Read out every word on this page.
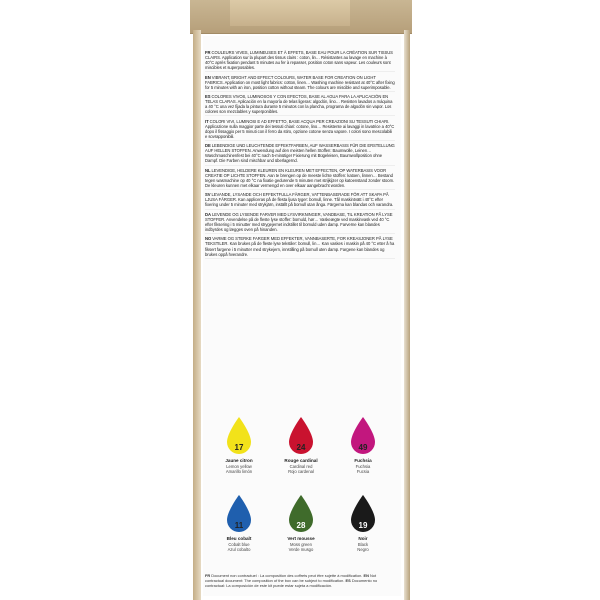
FRCOULEURS VIVES, LUMINEUSES ET À EFFETS, BASE EAU POUR LA CRÉATION SUR TISSUS CLAIRS. Application sur la plupart des tissus clairs : coton, lin… Résistantes au lavage en machine à 40°C après fixation pendant 5 minutes au fer à repasser, position coton sans vapeur. Les couleurs sont miscibles et superposables.
ENVIBRANT, BRIGHT AND EFFECT COLOURS, WATER BASE FOR CREATION ON LIGHT FABRICS. Application on most light fabrics: cotton, linen… Washing machine resistant at 40°C after fixing for 5 minutes with an iron, position cotton without steam. The colours are miscible and superimposable.
ESCOLORES VIVOS, LUMINOSOS Y CON EFECTOS, BASE AL AGUA PARA LA APLICACIÓN EN TELAS CLARAS. Aplicación en la mayoría de telas ligeras: algodón, lino… Resisten lavados a máquina a 40 °C una vez fijada la pintura durante 5 minutos con la plancha, programa de algodón sin vapor. Los colores son mezclables y superponibles.
ITCOLORI VIVI, LUMINOSI E AD EFFETTO, BASE ACQUA PER CREAZIONI SU TESSUTI CHIARI. Applicazione sulla maggior parte dei tessuti chiari: cotone, lino… Resistente ai lavaggi in lavatrice a 40°C dopo il fissaggio per 5 minuti con il ferro da stiro, opzione cotone senza vapore. I colori sono mescolabili e sovrapponibili.
DELEBENDIGE UND LEUCHTENDE EFFEKTFARBEN, AUF WASSERBASIS FÜR DIE ERSTELLUNG AUF HELLEN STOFFEN. Anwendung auf den meisten hellen Stoffen: Baumwolle, Leinen… Waschmaschinenfest bei 40°C nach 5-minütiger Fixierung mit Bügeleisen, Baumwollposition ohne Dampf. Die Farben sind mischbar und überlagernd.
NLLEVENDIGE, HELDERE KLEUREN EN KLEUREN MET EFFECTEN, OP WATERBASIS VOOR CREATIE OP LICHTE STOFFEN. Aan te brengen op de meeste lichte stoffen: katoen, linnen… Bestand tegen wasmachine op 40 °C na fixatie gedurende 5 minuten met strijkijzer op katoenstand zonder stoom. De kleuren kunnen met elkaar vermengd en over elkaar aangebracht worden.
SVLEVANDE, LYSANDE OCH EFFEKTFULLA FÄRGER, VATTENBASERADE FÖR ATT SKAPA PÅ LJUSA FÄRGER. Kan appliceras på de flesta ljusa tyger: bomull, linne. Tål maskintvätt i 40°C efter fixering under 5 minuter med strykjärn, inställt på bomull utan ånga. Färgerna kan blandas och varandra.
DALEVENDE OG LYSENDE FARVER MED LYSVIRKNINGER, VANDBASE, TIL KREATION PÅ LYSE STOFFER. Anvendelse på de fleste lyse stoffer: bomuld, hør… Vaskeægte ved maskinvask ved 40 °C efter fiksering i 5 minutter med strygejernet indstillet til bomuld uden damp. Farverne kan blandes indbyrdes og lægges oven på hinanden.
NOVARME OG STERKE FARGER MED EFFEKTER, VANNBASERTE, FOR KREASJONER PÅ LYSE TEKSTILER. Kan brukes på de fleste lyse tekstiler: bomull, lin… Kan vaskes i maskin på 40 °C etter å ha fiksert fargene i 5 minutter med strykejern, innstilling på bomull uten damp. Fargene kan blandes og brukes oppå hverandre.
17
Jaune citron
Lemon yellow
Amarillo limón
24
Rouge cardinal
Cardinal red
Rojo cardenal
49
Fuchsia
Fuchsia
Fucsia
11
Bleu cobalt
Cobalt blue
Azul cobalto
28
Vert mousse
Moss green
Verde musgo
19
Noir
Black
Negro
FR Document non contractuel : La composition des coffrets peut être sujette à modification. EN Not contractual document: The composition of the box can be subject to modification. ES Documento no contractual: La composición de este kit puede estar sujeta a modificación.
